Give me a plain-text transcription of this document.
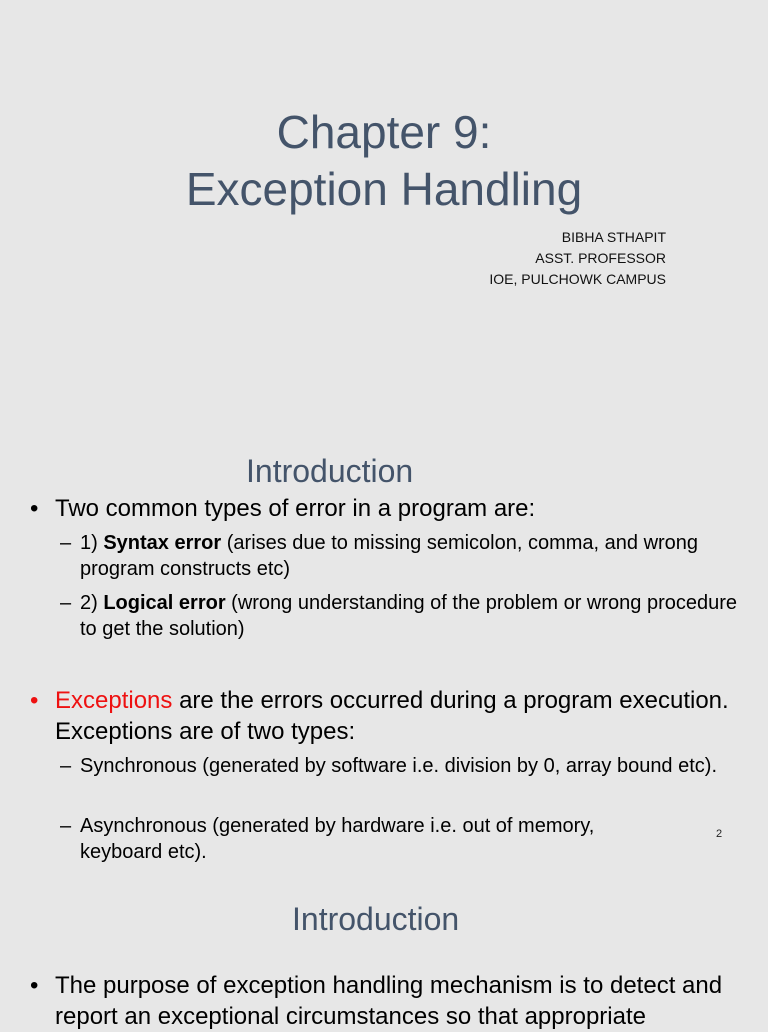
Chapter 9:
Exception Handling
BIBHA STHAPIT
ASST. PROFESSOR
IOE, PULCHOWK CAMPUS
Introduction
• Two common types of error in a program are:
– 1) Syntax error (arises due to missing semicolon, comma, and wrong program constructs etc)
– 2) Logical error (wrong understanding of the problem or wrong procedure to get the solution)
• Exceptions are the errors occurred during a program execution. Exceptions are of two types:
– Synchronous (generated by software i.e. division by 0, array bound etc).
– Asynchronous (generated by hardware i.e. out of memory, keyboard etc).
2
Introduction
• The purpose of exception handling mechanism is to detect and report an exceptional circumstances so that appropriate
